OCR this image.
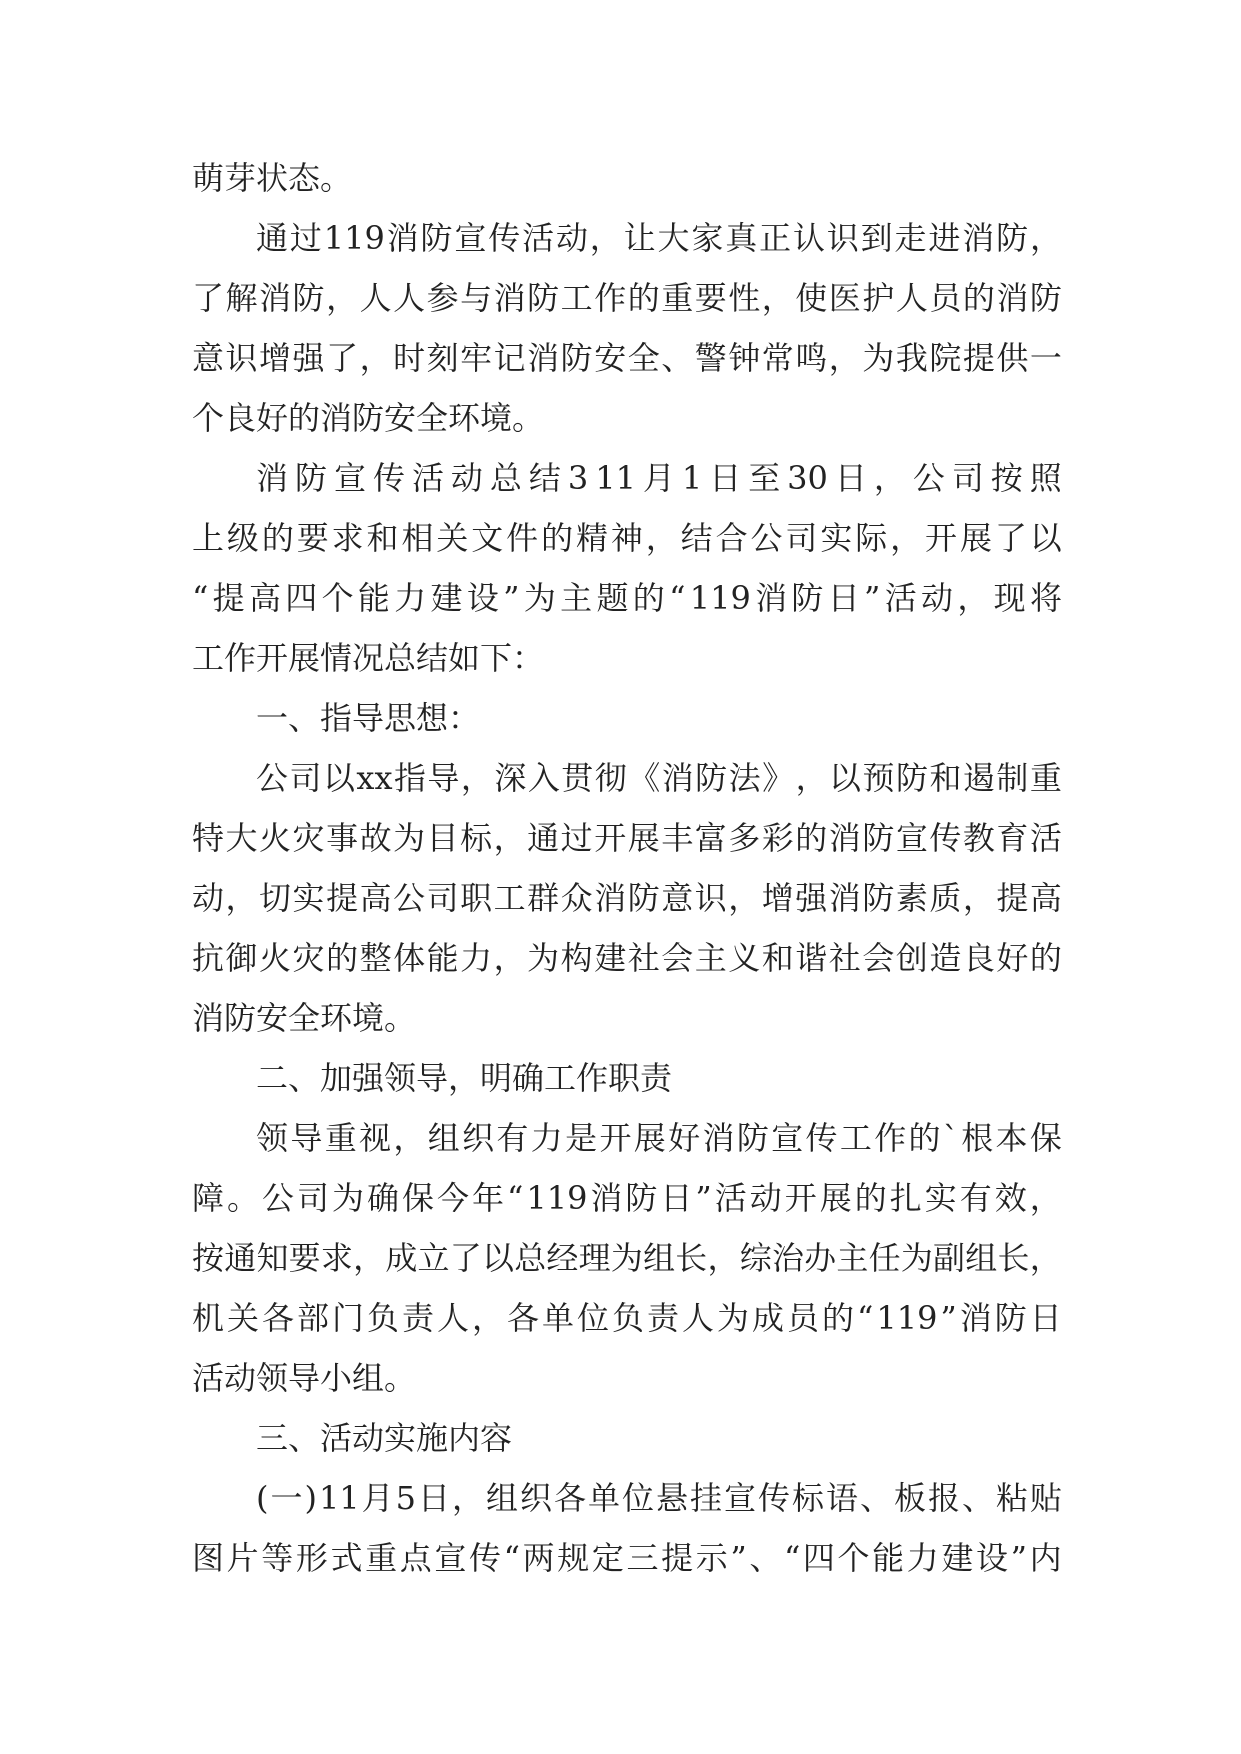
萌芽状态。
通 过 119 消 防 宣 传 活 动 ， 让 大 家 真 正 认 识 到 走 进 消 防 ，
了 解 消 防 ， 人 人 参 与 消 防 工 作 的 重 要 性 ， 使 医 护 人 员 的 消 防
意 识 增 强 了 ， 时 刻 牢 记 消 防 安 全 、 警 钟 常 鸣 ， 为 我 院 提 供 一
个良好的消防安全环境。
消 防 宣 传 活 动 总 结 3 11 月 1 日 至 30 日 ， 公 司 按 照
上 级 的 要 求 和 相 关 文 件 的 精 神 ， 结 合 公 司 实 际 ， 开 展 了 以
“ 提 高 四 个 能 力 建 设 ” 为 主 题 的 “ 119 消 防 日 ” 活 动 ， 现 将
工作开展情况总结如下：
一、指导思想：
公 司 以 xx 指 导 ， 深 入 贯 彻 《 消 防 法 》 ， 以 预 防 和 遏 制 重
特 大 火 灾 事 故 为 目 标 ， 通 过 开 展 丰 富 多 彩 的 消 防 宣 传 教 育 活
动 ， 切 实 提 高 公 司 职 工 群 众 消 防 意 识 ， 增 强 消 防 素 质 ， 提 高
抗 御 火 灾 的 整 体 能 力 ， 为 构 建 社 会 主 义 和 谐 社 会 创 造 良 好 的
消防安全环境。
二、加强领导，明确工作职责
领 导 重 视 ， 组 织 有 力 是 开 展 好 消 防 宣 传 工 作 的 ` 根 本 保
障 。 公 司 为 确 保 今 年 “ 119 消 防 日 ” 活 动 开 展 的 扎 实 有 效 ，
按 通 知 要 求 ， 成 立 了 以 总 经 理 为 组 长 ， 综 治 办 主 任 为 副 组 长 ，
机 关 各 部 门 负 责 人 ， 各 单 位 负 责 人 为 成 员 的 “ 119 ” 消 防 日
活动领导小组。
三、活动实施内容
( 一 ) 11 月 5 日 ， 组 织 各 单 位 悬 挂 宣 传 标 语 、 板 报 、 粘 贴
图 片 等 形 式 重 点 宣 传 “ 两 规 定 三 提 示 ” 、 “ 四 个 能 力 建 设 ” 内
